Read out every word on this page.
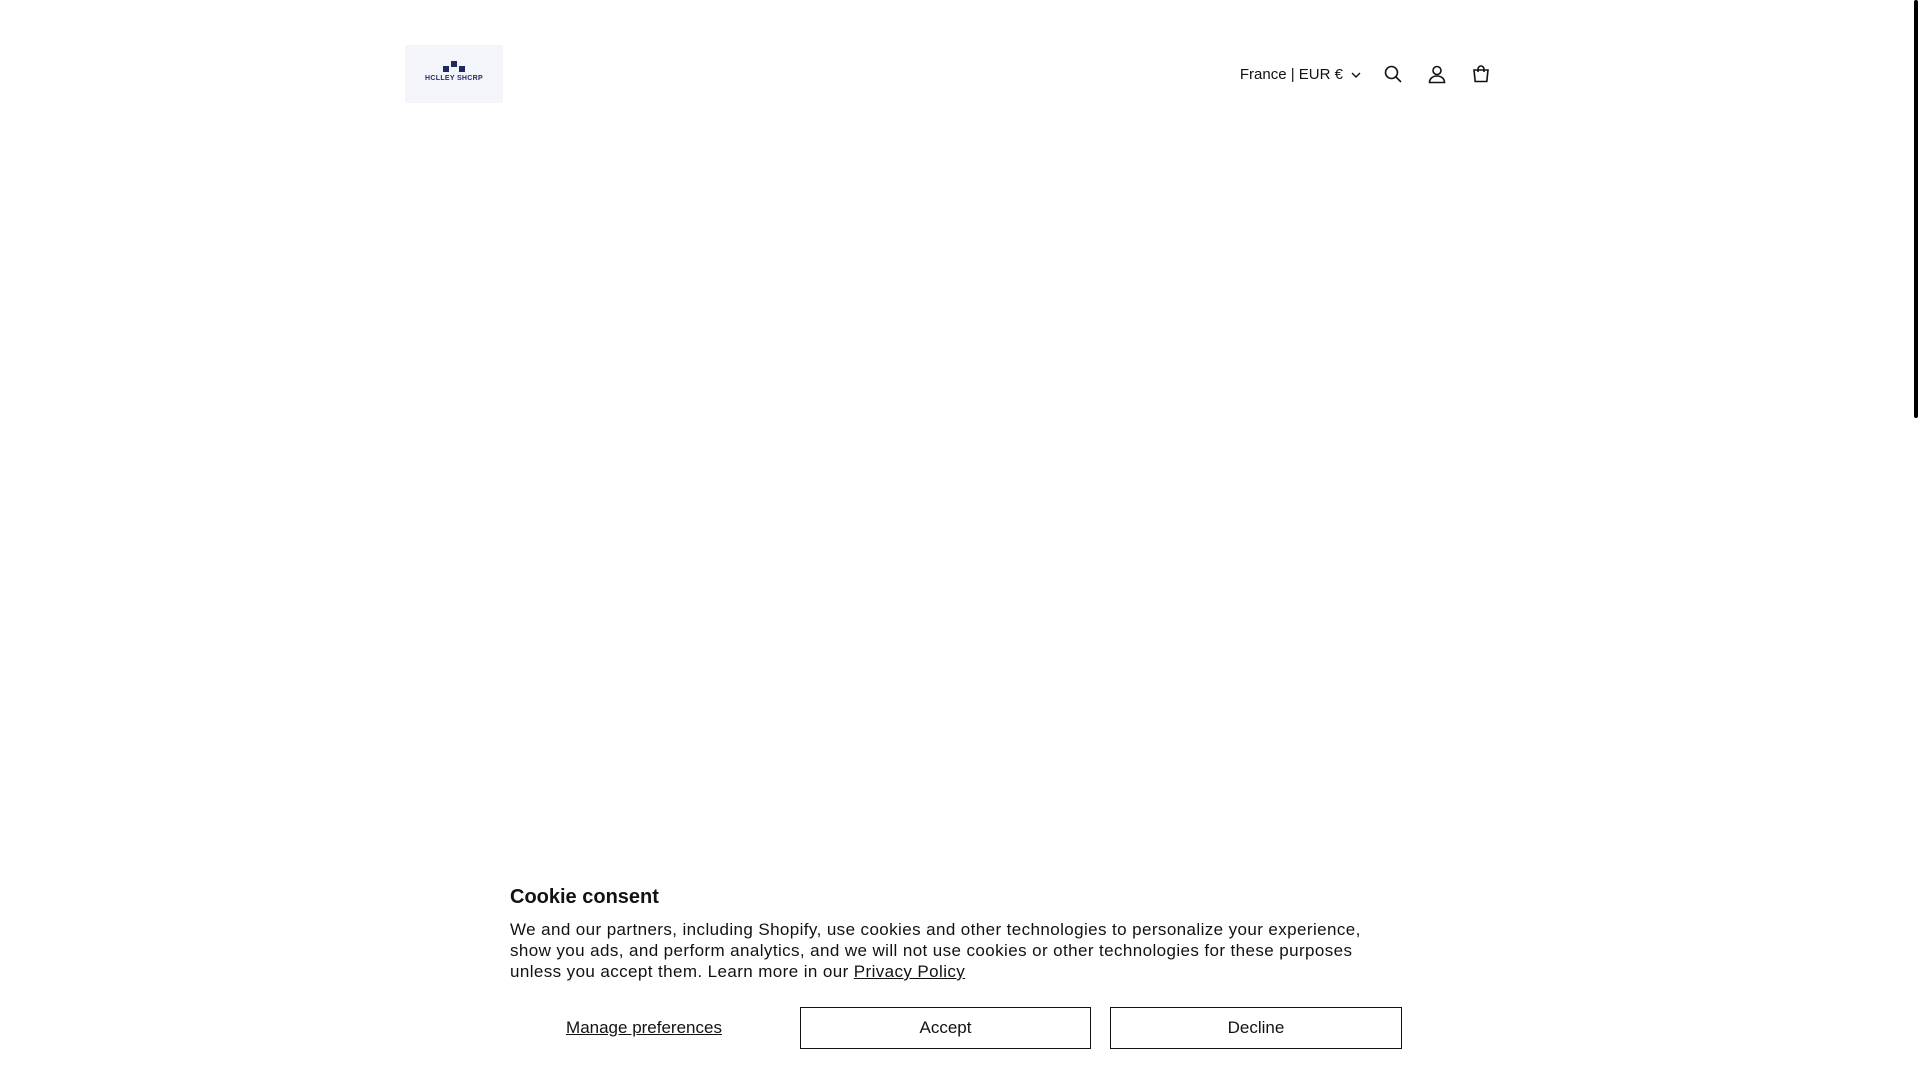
HCLLEY SHCRP	France | EUR €
Cookie consent

We and our partners, including Shopify, use cookies and other technologies to personalize your experience, show you ads, and perform analytics, and we will not use cookies or other technologies for these purposes unless you accept them. Learn more in our Privacy Policy

Manage preferences	Accept	Decline
